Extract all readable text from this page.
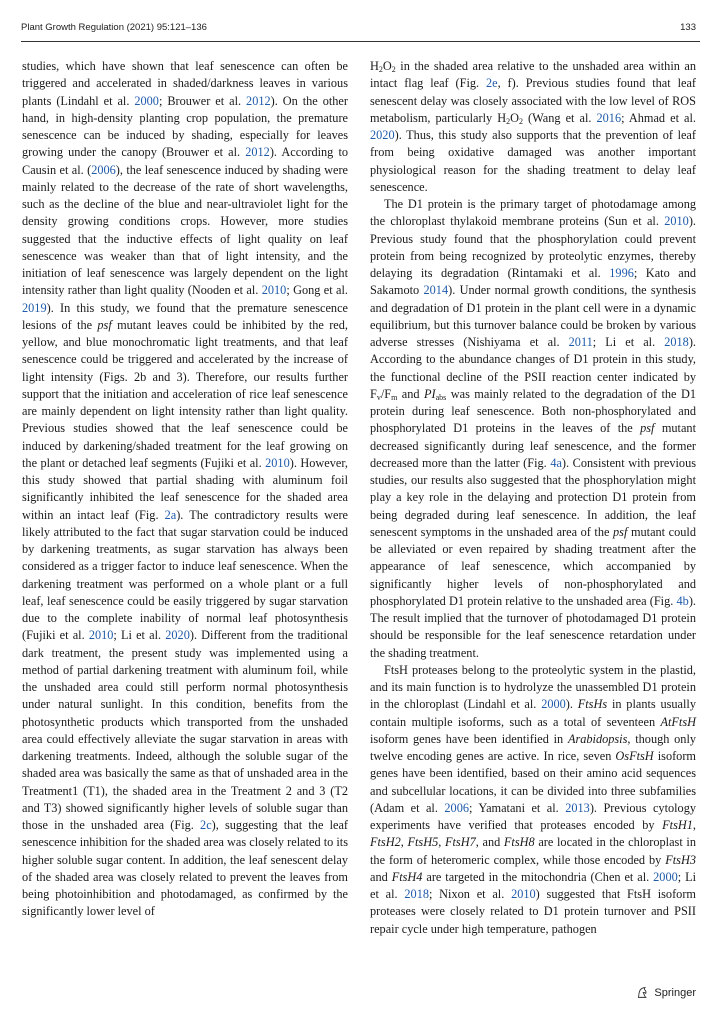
Plant Growth Regulation (2021) 95:121–136	133

studies, which have shown that leaf senescence can often be triggered and accelerated in shaded/darkness leaves in various plants (Lindahl et al. 2000; Brouwer et al. 2012). On the other hand, in high-density planting crop population, the premature senescence can be induced by shading, especially for leaves growing under the canopy (Brouwer et al. 2012). According to Causin et al. (2006), the leaf senescence induced by shading were mainly related to the decrease of the rate of short wavelengths, such as the decline of the blue and near-ultraviolet light for the density growing conditions crops. However, more studies suggested that the inductive effects of light quality on leaf senescence was weaker than that of light intensity, and the initiation of leaf senescence was largely dependent on the light intensity rather than light quality (Nooden et al. 2010; Gong et al. 2019). In this study, we found that the premature senescence lesions of the psf mutant leaves could be inhibited by the red, yellow, and blue monochromatic light treatments, and that leaf senescence could be triggered and accelerated by the increase of light intensity (Figs. 2b and 3). Therefore, our results further support that the initiation and acceleration of rice leaf senescence are mainly dependent on light intensity rather than light quality. Previous studies showed that the leaf senescence could be induced by darkening/shaded treatment for the leaf growing on the plant or detached leaf segments (Fujiki et al. 2010). However, this study showed that partial shading with aluminum foil significantly inhibited the leaf senescence for the shaded area within an intact leaf (Fig. 2a). The contradictory results were likely attributed to the fact that sugar starvation could be induced by darkening treatments, as sugar starvation has always been considered as a trigger factor to induce leaf senescence. When the darkening treatment was performed on a whole plant or a full leaf, leaf senescence could be easily triggered by sugar starvation due to the complete inability of normal leaf photosynthesis (Fujiki et al. 2010; Li et al. 2020). Different from the traditional dark treatment, the present study was implemented using a method of partial darkening treatment with aluminum foil, while the unshaded area could still perform normal photosynthesis under natural sunlight. In this condition, benefits from the photosynthetic products which transported from the unshaded area could effectively alleviate the sugar starvation in areas with darkening treatments. Indeed, although the soluble sugar of the shaded area was basically the same as that of unshaded area in the Treatment1 (T1), the shaded area in the Treatment 2 and 3 (T2 and T3) showed significantly higher levels of soluble sugar than those in the unshaded area (Fig. 2c), suggesting that the leaf senescence inhibition for the shaded area was closely related to its higher soluble sugar content. In addition, the leaf senescent delay of the shaded area was closely related to prevent the leaves from being photoinhibition and photodamaged, as confirmed by the significantly lower level of

$H_2O_2$ in the shaded area relative to the unshaded area within an intact flag leaf (Fig. 2e, f). Previous studies found that leaf senescent delay was closely associated with the low level of ROS metabolism, particularly $H_2O_2$ (Wang et al. 2016; Ahmad et al. 2020). Thus, this study also supports that the prevention of leaf from being oxidative damaged was another important physiological reason for the shading treatment to delay leaf senescence.

The D1 protein is the primary target of photodamage among the chloroplast thylakoid membrane proteins (Sun et al. 2010). Previous study found that the phosphorylation could prevent protein from being recognized by proteolytic enzymes, thereby delaying its degradation (Rintamaki et al. 1996; Kato and Sakamoto 2014). Under normal growth conditions, the synthesis and degradation of D1 protein in the plant cell were in a dynamic equilibrium, but this turnover balance could be broken by various adverse stresses (Nishiyama et al. 2011; Li et al. 2018). According to the abundance changes of D1 protein in this study, the functional decline of the PSII reaction center indicated by $F_v/F_m$ and $PI_{abs}$ was mainly related to the degradation of the D1 protein during leaf senescence. Both non-phosphorylated and phosphorylated D1 proteins in the leaves of the psf mutant decreased significantly during leaf senescence, and the former decreased more than the latter (Fig. 4a). Consistent with previous studies, our results also suggested that the phosphorylation might play a key role in the delaying and protection D1 protein from being degraded during leaf senescence. In addition, the leaf senescent symptoms in the unshaded area of the psf mutant could be alleviated or even repaired by shading treatment after the appearance of leaf senescence, which accompanied by significantly higher levels of non-phosphorylated and phosphorylated D1 protein relative to the unshaded area (Fig. 4b). The result implied that the turnover of photodamaged D1 protein should be responsible for the leaf senescence retardation under the shading treatment.

FtsH proteases belong to the proteolytic system in the plastid, and its main function is to hydrolyze the unassembled D1 protein in the chloroplast (Lindahl et al. 2000). FtsHs in plants usually contain multiple isoforms, such as a total of seventeen AtFtsH isoform genes have been identified in Arabidopsis, though only twelve encoding genes are active. In rice, seven OsFtsH isoform genes have been identified, based on their amino acid sequences and subcellular locations, it can be divided into three subfamilies (Adam et al. 2006; Yamatani et al. 2013). Previous cytology experiments have verified that proteases encoded by FtsH1, FtsH2, FtsH5, FtsH7, and FtsH8 are located in the chloroplast in the form of heteromeric complex, while those encoded by FtsH3 and FtsH4 are targeted in the mitochondria (Chen et al. 2000; Li et al. 2018; Nixon et al. 2010) suggested that FtsH isoform proteases were closely related to D1 protein turnover and PSII repair cycle under high temperature, pathogen

Springer
